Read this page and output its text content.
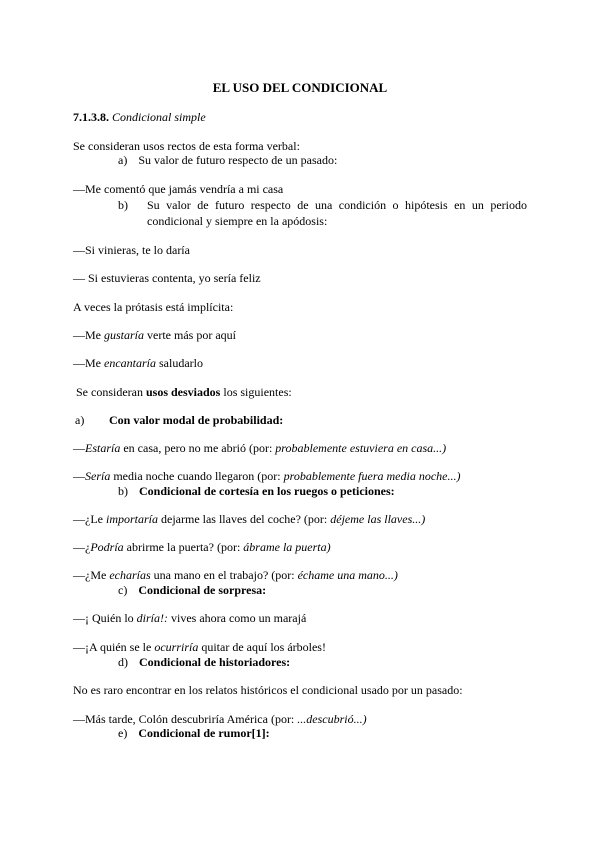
EL USO DEL CONDICIONAL
7.1.3.8. Condicional simple
Se consideran usos rectos de esta forma verbal:
a) Su valor de futuro respecto de un pasado:
—Me comentó que jamás vendría a mi casa
b) Su valor de futuro respecto de una condición o hipótesis en un periodo condicional y siempre en la apódosis:
—Si vinieras, te lo daría
— Si estuvieras contenta, yo sería feliz
A veces la prótasis está implícita:
—Me gustaría verte más por aquí
—Me encantaría saludarlo
Se consideran usos desviados los siguientes:
a) Con valor modal de probabilidad:
—Estaría en casa, pero no me abrió (por: probablemente estuviera en casa...)
—Sería media noche cuando llegaron (por: probablemente fuera media noche...)
b) Condicional de cortesía en los ruegos o peticiones:
—¿Le importaría dejarme las llaves del coche? (por: déjeme las llaves...)
—¿Podría abrirme la puerta? (por: ábrame la puerta)
—¿Me echarías una mano en el trabajo? (por: échame una mano...)
c) Condicional de sorpresa:
—¡ Quién lo diría!: vives ahora como un marajá
—¡A quién se le ocurriría quitar de aquí los árboles!
d) Condicional de historiadores:
No es raro encontrar en los relatos históricos el condicional usado por un pasado:
—Más tarde, Colón descubriría América (por: ...descubrió...)
e) Condicional de rumor[1]:
